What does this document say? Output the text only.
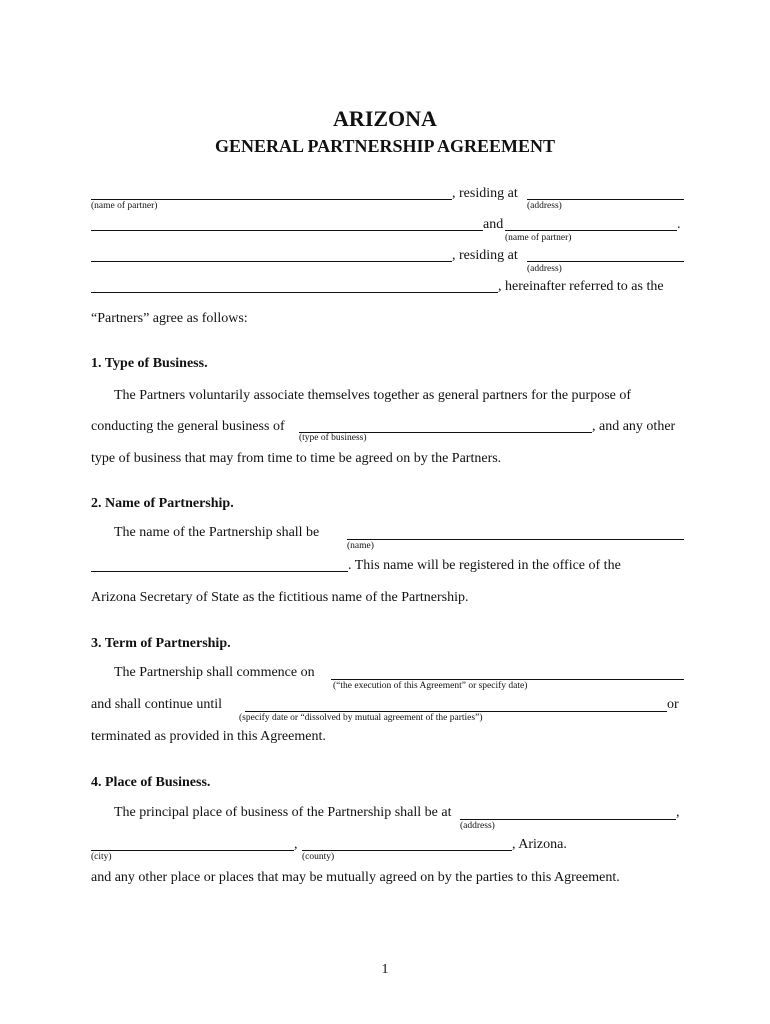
ARIZONA
GENERAL PARTNERSHIP AGREEMENT
, residing at
(name of partner)	(address)
and	.
(name of partner)
, residing at
(address)
, hereinafter referred to as the
“Partners” agree as follows:
1. Type of Business.
The Partners voluntarily associate themselves together as general partners for the purpose of
conducting the general business of	, and any other
(type of business)
type of business that may from time to time be agreed on by the Partners.
2. Name of Partnership.
The name of the Partnership shall be
(name)
. This name will be registered in the office of the
Arizona Secretary of State as the fictitious name of the Partnership.
3. Term of Partnership.
The Partnership shall commence on
(“the execution of this Agreement” or specify date)
and shall continue until	or
(specify date or “dissolved by mutual agreement of the parties”)
terminated as provided in this Agreement.
4. Place of Business.
The principal place of business of the Partnership shall be at	,
(address)
,	, Arizona.
(city)	(county)
and any other place or places that may be mutually agreed on by the parties to this Agreement.
1
